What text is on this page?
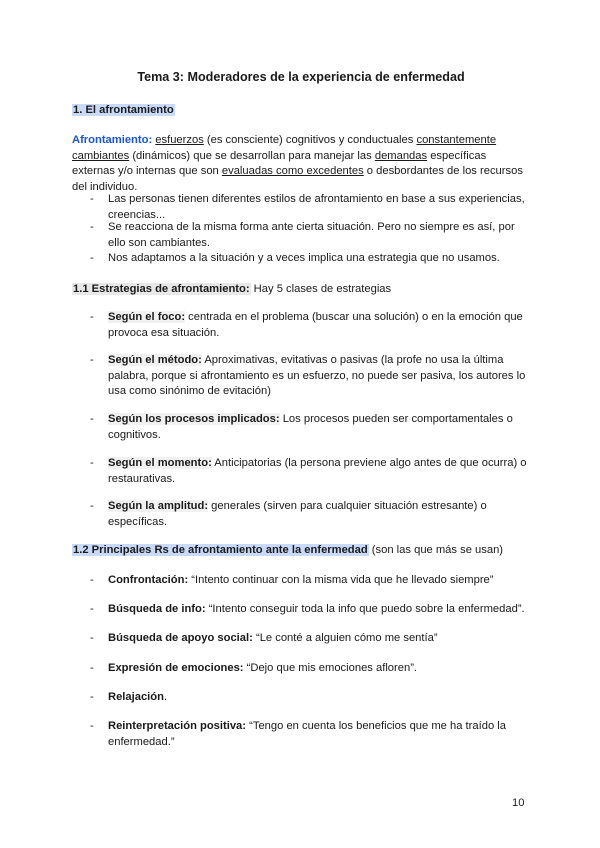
Tema 3: Moderadores de la experiencia de enfermedad
1. El afrontamiento
Afrontamiento: esfuerzos (es consciente) cognitivos y conductuales constantemente cambiantes (dinámicos) que se desarrollan para manejar las demandas específicas externas y/o internas que son evaluadas como excedentes o desbordantes de los recursos del individuo.
- Las personas tienen diferentes estilos de afrontamiento en base a sus experiencias, creencias...
- Se reacciona de la misma forma ante cierta situación. Pero no siempre es así, por ello son cambiantes.
- Nos adaptamos a la situación y a veces implica una estrategia que no usamos.
1.1 Estrategias de afrontamiento: Hay 5 clases de estrategias
- Según el foco: centrada en el problema (buscar una solución) o en la emoción que provoca esa situación.
- Según el método: Aproximativas, evitativas o pasivas (la profe no usa la última palabra, porque si afrontamiento es un esfuerzo, no puede ser pasiva, los autores lo usa como sinónimo de evitación)
- Según los procesos implicados: Los procesos pueden ser comportamentales o cognitivos.
- Según el momento: Anticipatorias (la persona previene algo antes de que ocurra) o restaurativas.
- Según la amplitud: generales (sirven para cualquier situación estresante) o específicas.
1.2 Principales Rs de afrontamiento ante la enfermedad (son las que más se usan)
- Confrontación: “Intento continuar con la misma vida que he llevado siempre”
- Búsqueda de info: “Intento conseguir toda la info que puedo sobre la enfermedad”.
- Búsqueda de apoyo social: “Le conté a alguien cómo me sentía”
- Expresión de emociones: “Dejo que mis emociones afloren”.
- Relajación.
- Reinterpretación positiva: “Tengo en cuenta los beneficios que me ha traído la enfermedad.”
10
